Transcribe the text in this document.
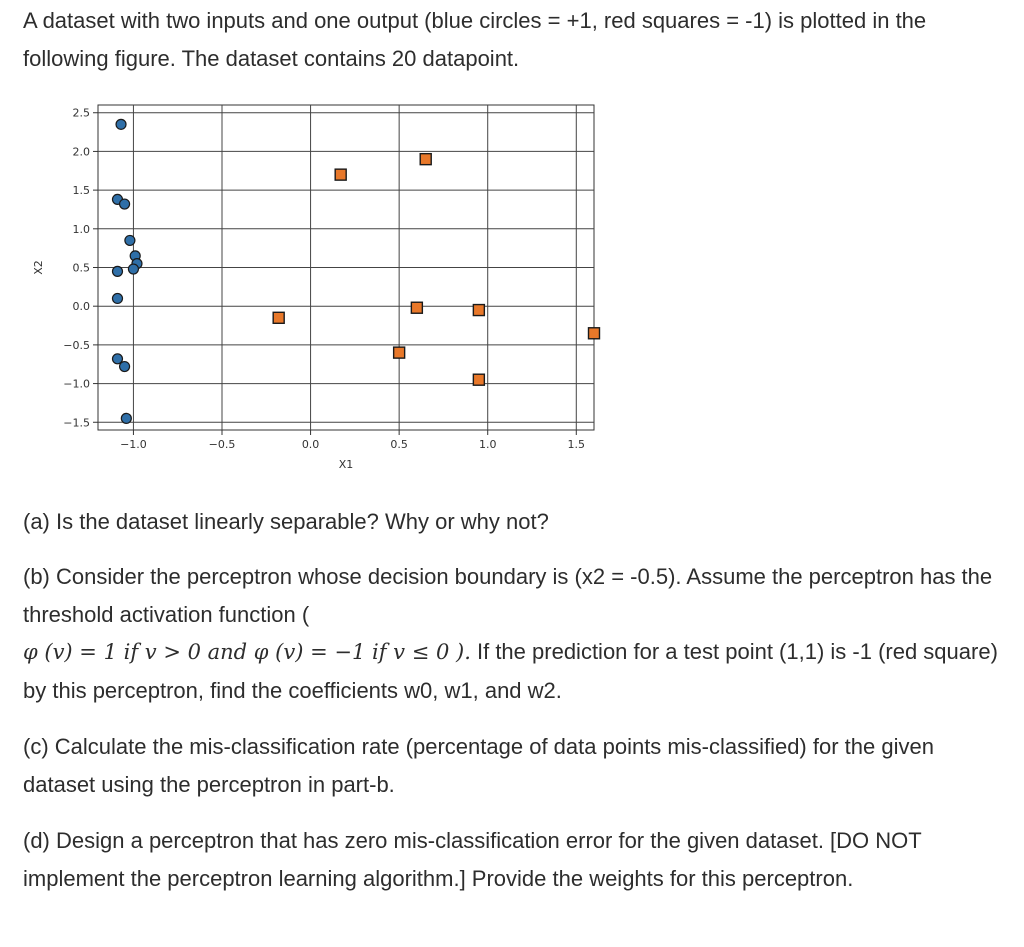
A dataset with two inputs and one output (blue circles = +1, red squares = -1) is plotted in the following figure. The dataset contains 20 datapoint.

−1.0	−0.5	0.0	0.5	1.0	1.5
2.5
2.0
1.5
1.0
0.5
0.0
−0.5
−1.0
−1.5
X1
X2

(a) Is the dataset linearly separable? Why or why not?

(b) Consider the perceptron whose decision boundary is (x2 = -0.5). Assume the perceptron has the threshold activation function (
φ (v) = 1 if v > 0 and φ (v) = −1 if v ≤ 0 ). If the prediction for a test point (1,1) is -1 (red square) by this perceptron, find the coefficients w0, w1, and w2.

(c) Calculate the mis-classification rate (percentage of data points mis-classified) for the given dataset using the perceptron in part-b.

(d) Design a perceptron that has zero mis-classification error for the given dataset. [DO NOT implement the perceptron learning algorithm.] Provide the weights for this perceptron.
